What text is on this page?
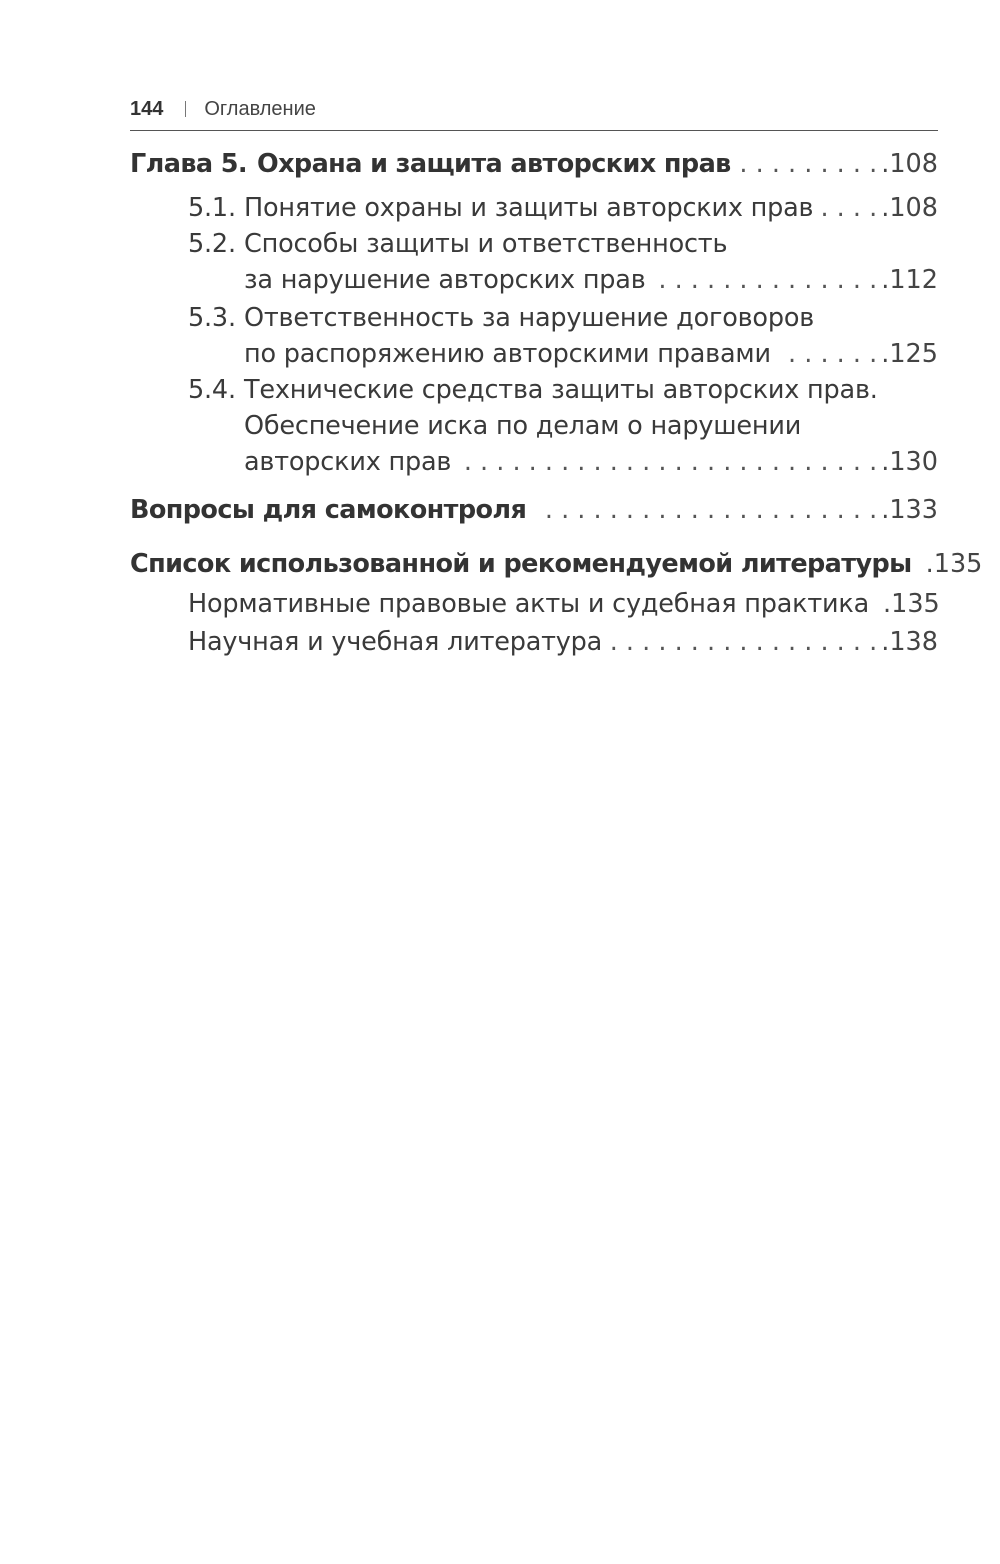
144 Оглавление
Глава 5. Охрана и защита авторских прав . . .	.108
5.1. Понятие охраны и защиты авторских прав . . .	.108
5.2. Способы защиты и ответственность
за нарушение авторских прав . . .	.112
5.3. Ответственность за нарушение договоров
по распоряжению авторскими правами . . .	.125
5.4. Технические средства защиты авторских прав.
Обеспечение иска по делам о нарушении
авторских прав . . .	.130
Вопросы для самоконтроля . . .	.133
Список использованной и рекомендуемой литературы .135
Нормативные правовые акты и судебная практика .135
Научная и учебная литература . . .	.138
